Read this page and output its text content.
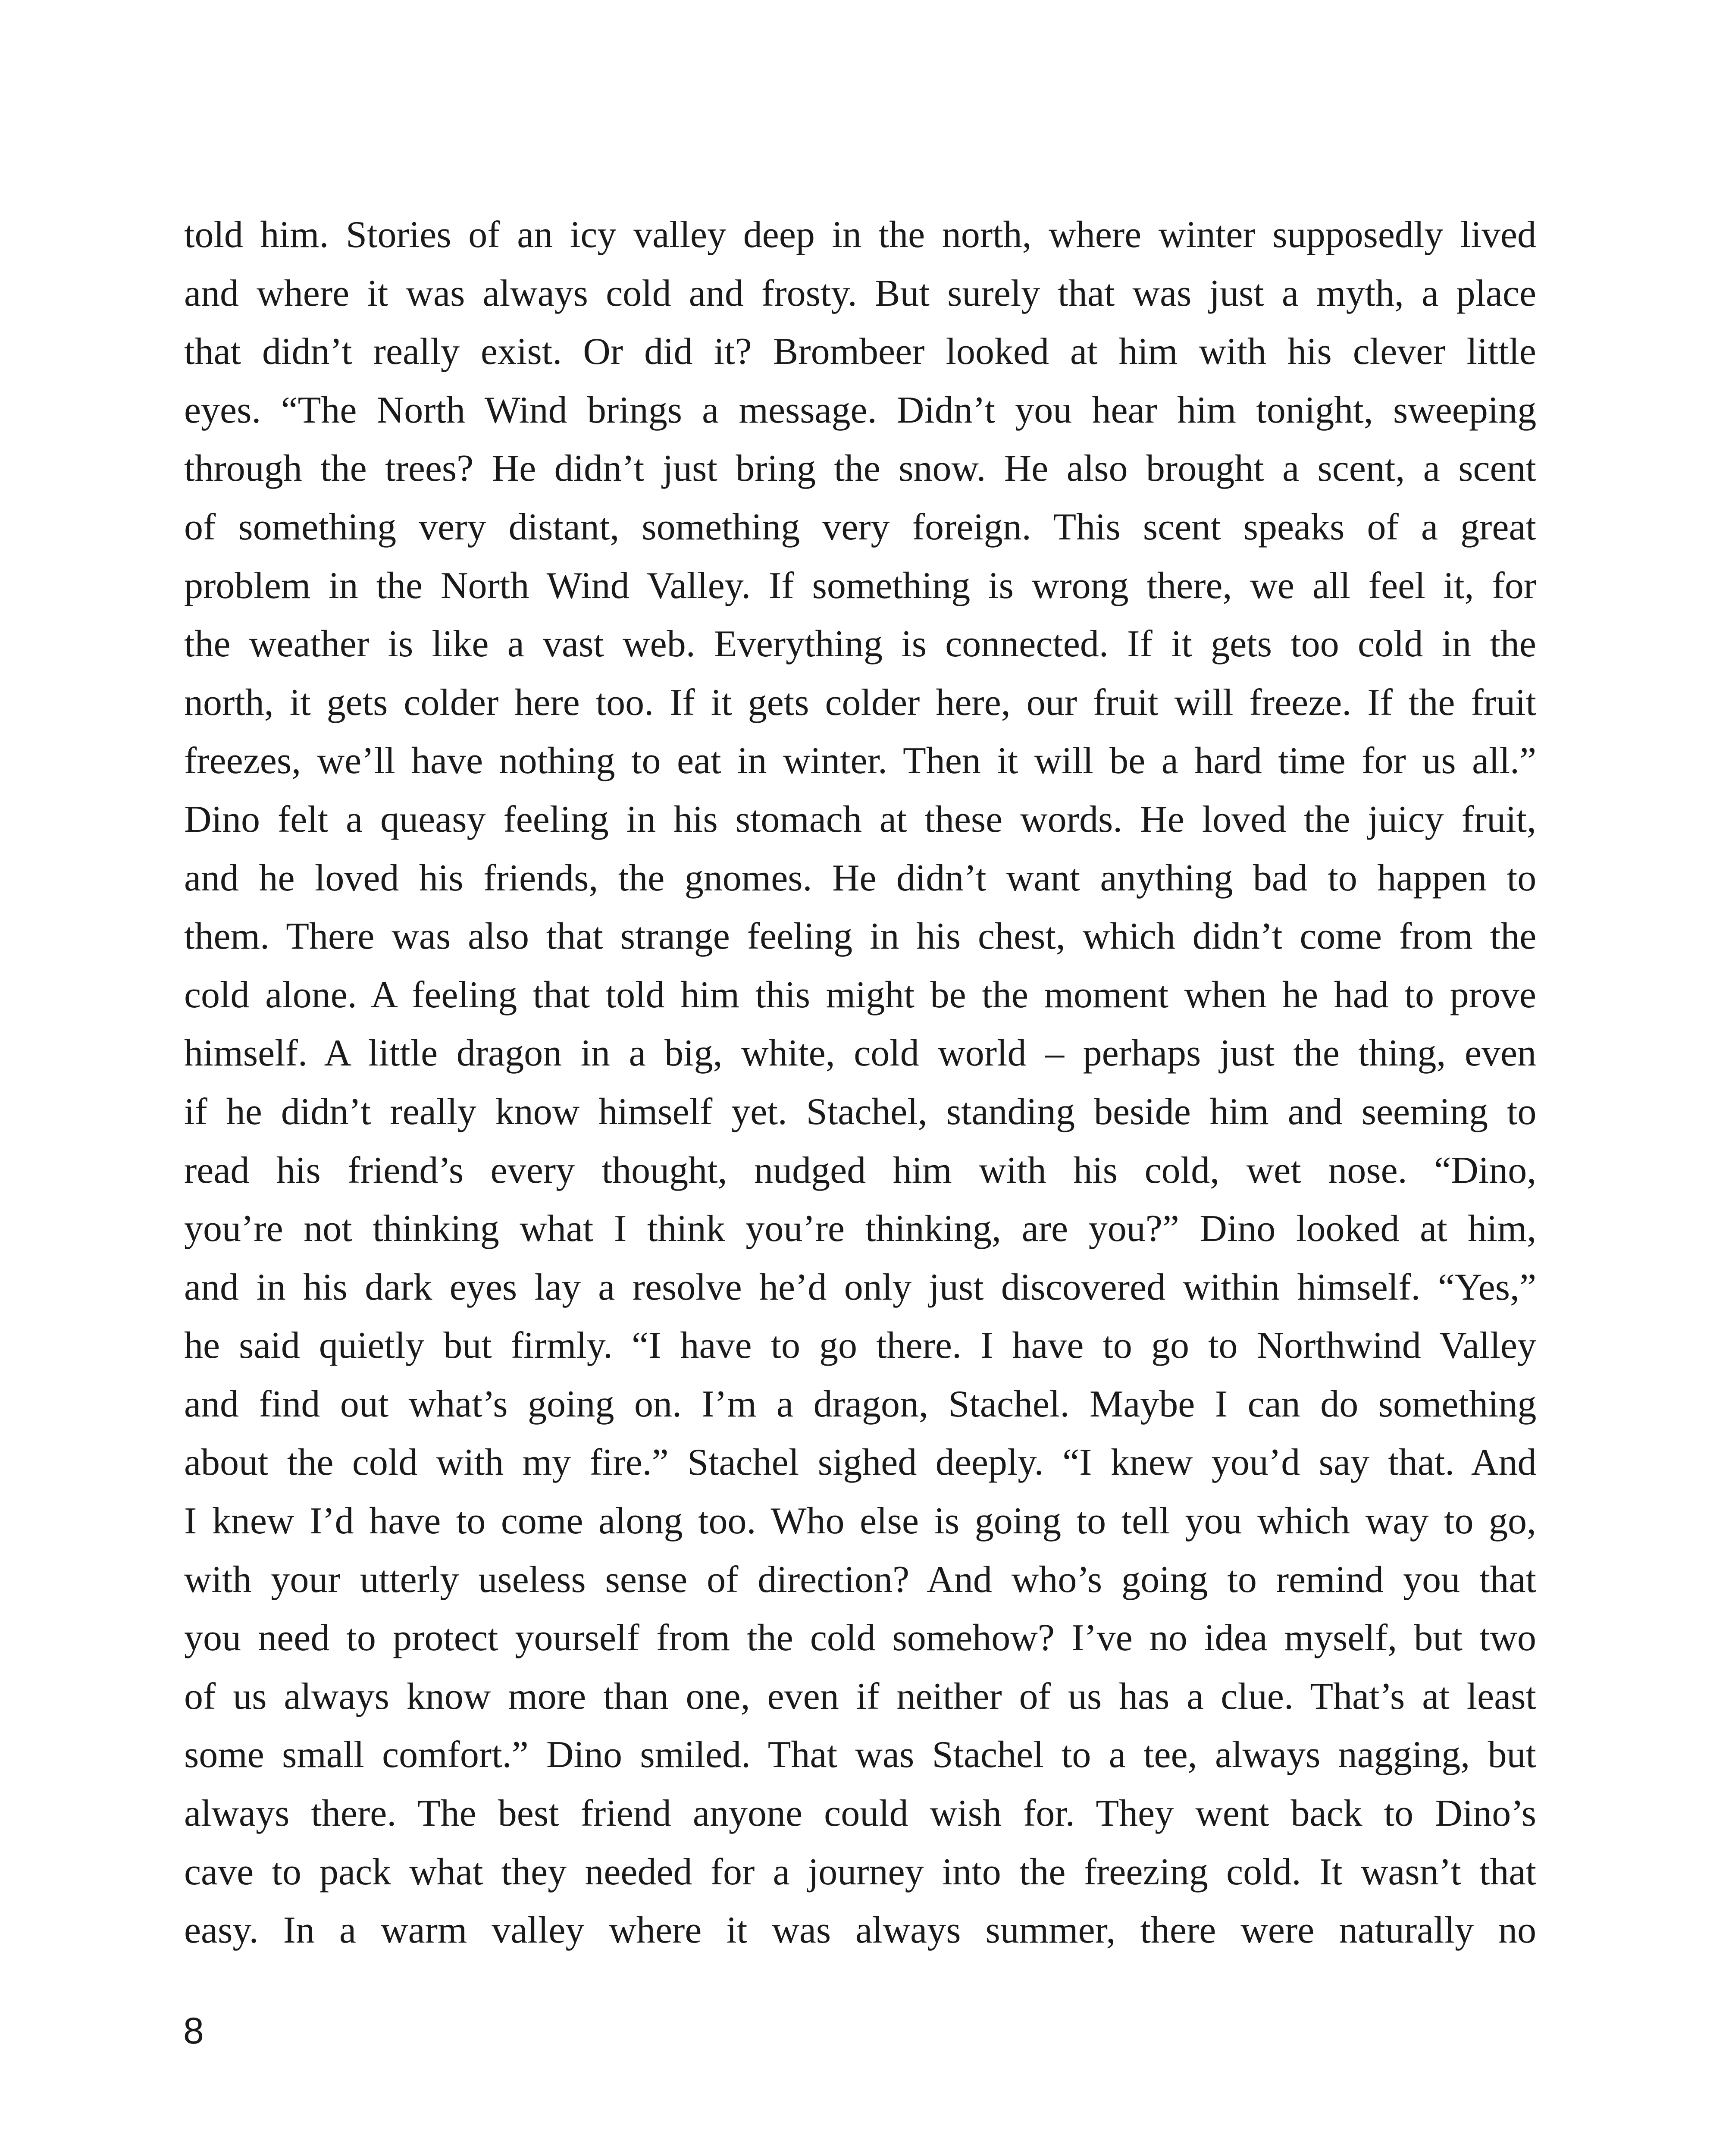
told him. Stories of an icy valley deep in the north, where winter supposedly lived
and where it was always cold and frosty. But surely that was just a myth, a place
that didn’t really exist. Or did it? Brombeer looked at him with his clever little
eyes. “The North Wind brings a message. Didn’t you hear him tonight, sweeping
through the trees? He didn’t just bring the snow. He also brought a scent, a scent
of something very distant, something very foreign. This scent speaks of a great
problem in the North Wind Valley. If something is wrong there, we all feel it, for
the weather is like a vast web. Everything is connected. If it gets too cold in the
north, it gets colder here too. If it gets colder here, our fruit will freeze. If the fruit
freezes, we’ll have nothing to eat in winter. Then it will be a hard time for us all.”
Dino felt a queasy feeling in his stomach at these words. He loved the juicy fruit,
and he loved his friends, the gnomes. He didn’t want anything bad to happen to
them. There was also that strange feeling in his chest, which didn’t come from the
cold alone. A feeling that told him this might be the moment when he had to prove
himself. A little dragon in a big, white, cold world – perhaps just the thing, even
if he didn’t really know himself yet. Stachel, standing beside him and seeming to
read his friend’s every thought, nudged him with his cold, wet nose. “Dino,
you’re not thinking what I think you’re thinking, are you?” Dino looked at him,
and in his dark eyes lay a resolve he’d only just discovered within himself. “Yes,”
he said quietly but firmly. “I have to go there. I have to go to Northwind Valley
and find out what’s going on. I’m a dragon, Stachel. Maybe I can do something
about the cold with my fire.” Stachel sighed deeply. “I knew you’d say that. And
I knew I’d have to come along too. Who else is going to tell you which way to go,
with your utterly useless sense of direction? And who’s going to remind you that
you need to protect yourself from the cold somehow? I’ve no idea myself, but two
of us always know more than one, even if neither of us has a clue. That’s at least
some small comfort.” Dino smiled. That was Stachel to a tee, always nagging, but
always there. The best friend anyone could wish for. They went back to Dino’s
cave to pack what they needed for a journey into the freezing cold. It wasn’t that
easy. In a warm valley where it was always summer, there were naturally no
8
